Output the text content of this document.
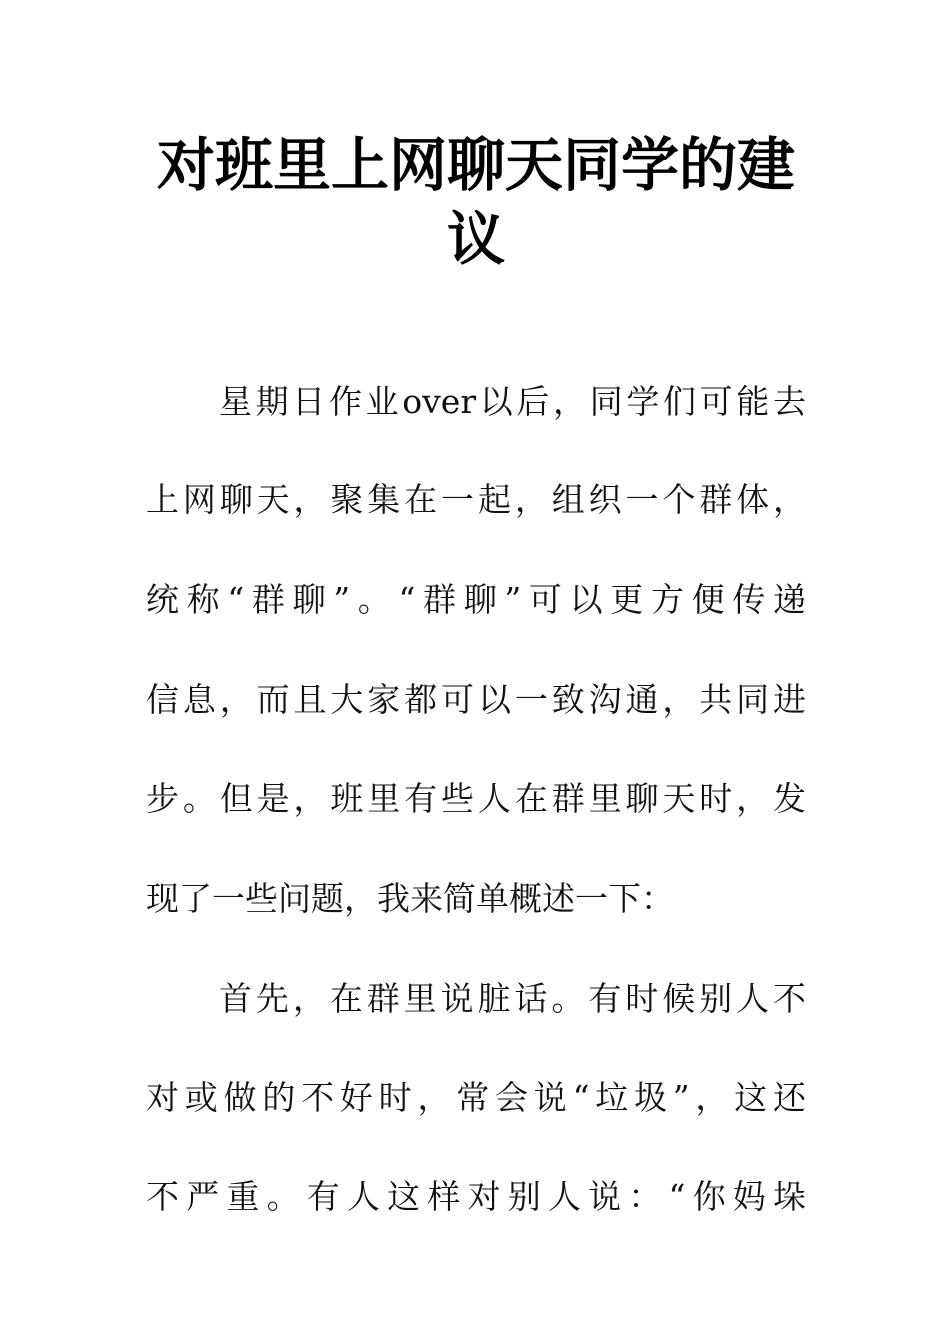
对班里上网聊天同学的建议

星期日作业over以后，同学们可能去

上网聊天，聚集在一起，组织一个群体，

统称“群聊”。“群聊”可以更方便传递

信息，而且大家都可以一致沟通，共同进

步。但是，班里有些人在群里聊天时，发

现了一些问题，我来简单概述一下：

首先，在群里说脏话。有时候别人不

对或做的不好时，常会说“垃圾”，这还

不严重。有人这样对别人说：“你妈垛
